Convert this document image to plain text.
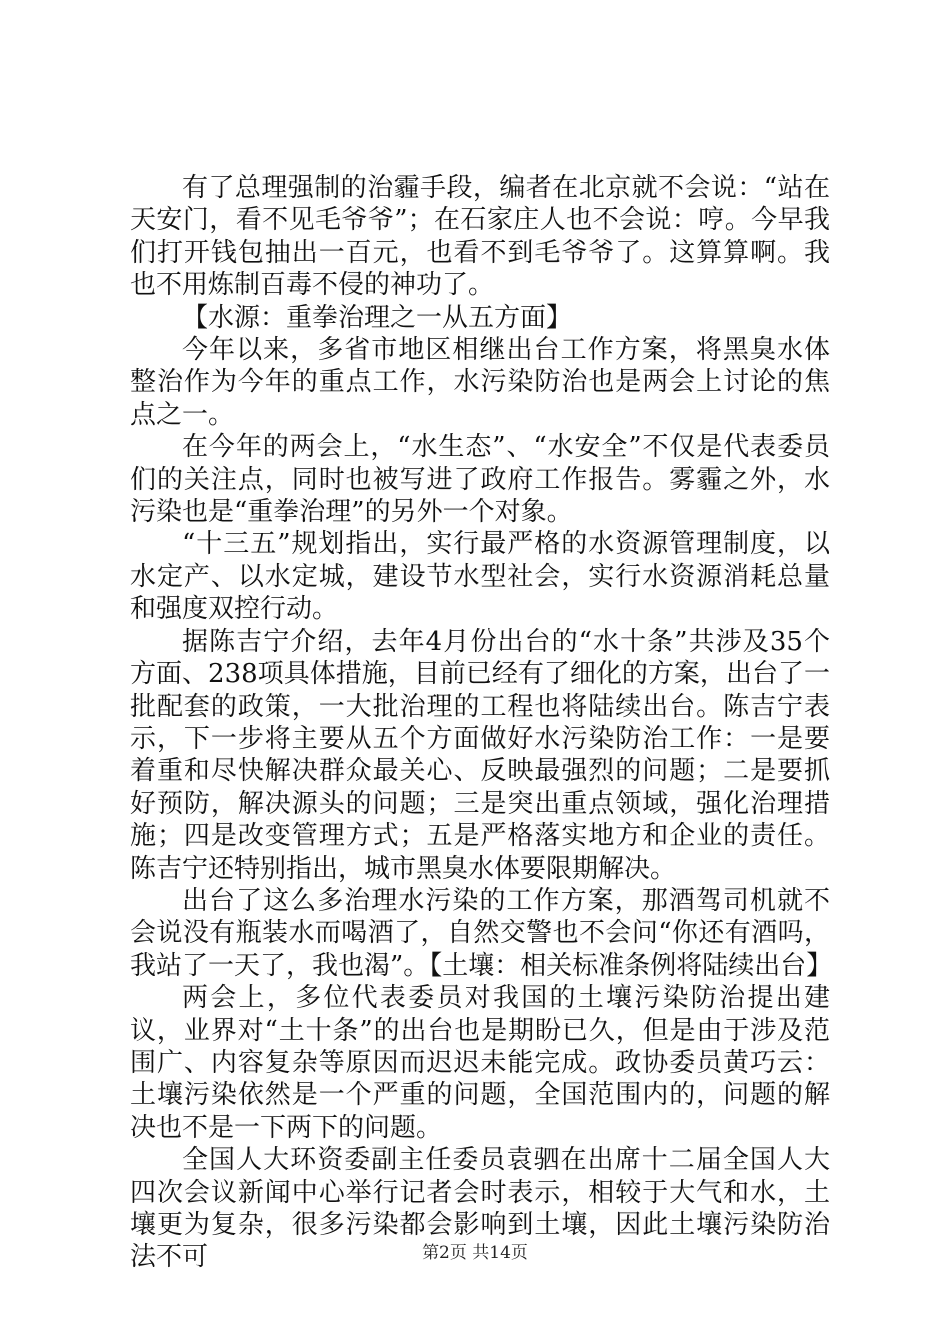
有了总理强制的治霾手段，编者在北京就不会说：“站在天安门，看不见毛爷爷”；在石家庄人也不会说：哼。今早我们打开钱包抽出一百元，也看不到毛爷爷了。这算算啊。我也不用炼制百毒不侵的神功了。

【水源：重拳治理之一从五方面】

今年以来，多省市地区相继出台工作方案，将黑臭水体整治作为今年的重点工作，水污染防治也是两会上讨论的焦点之一。

在今年的两会上，“水生态”、“水安全”不仅是代表委员们的关注点，同时也被写进了政府工作报告。雾霾之外，水污染也是“重拳治理”的另外一个对象。

“十三五”规划指出，实行最严格的水资源管理制度，以水定产、以水定城，建设节水型社会，实行水资源消耗总量和强度双控行动。

据陈吉宁介绍，去年4月份出台的“水十条”共涉及35个方面、238项具体措施，目前已经有了细化的方案，出台了一批配套的政策，一大批治理的工程也将陆续出台。陈吉宁表示，下一步将主要从五个方面做好水污染防治工作：一是要着重和尽快解决群众最关心、反映最强烈的问题；二是要抓好预防，解决源头的问题；三是突出重点领域，强化治理措施；四是改变管理方式；五是严格落实地方和企业的责任。陈吉宁还特别指出，城市黑臭水体要限期解决。

出台了这么多治理水污染的工作方案，那酒驾司机就不会说没有瓶装水而喝酒了，自然交警也不会问“你还有酒吗，我站了一天了，我也渴”。【土壤：相关标准条例将陆续出台】

两会上，多位代表委员对我国的土壤污染防治提出建议，业界对“土十条”的出台也是期盼已久，但是由于涉及范围广、内容复杂等原因而迟迟未能完成。政协委员黄巧云：土壤污染依然是一个严重的问题，全国范围内的，问题的解决也不是一下两下的问题。

全国人大环资委副主任委员袁驷在出席十二届全国人大四次会议新闻中心举行记者会时表示，相较于大气和水，土壤更为复杂，很多污染都会影响到土壤，因此土壤污染防治法不可	第2页 共14页
